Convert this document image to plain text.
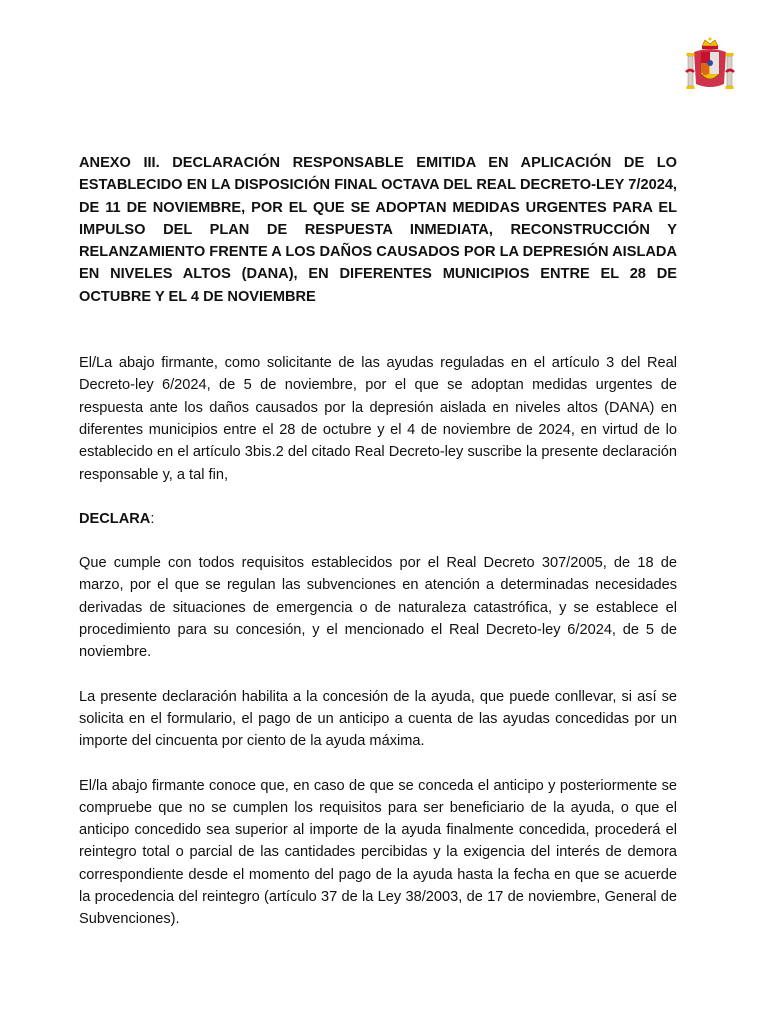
ANEXO III. DECLARACIÓN RESPONSABLE EMITIDA EN APLICACIÓN DE LO ESTABLECIDO EN LA DISPOSICIÓN FINAL OCTAVA DEL REAL DECRETO-LEY 7/2024, DE 11 DE NOVIEMBRE, POR EL QUE SE ADOPTAN MEDIDAS URGENTES PARA EL IMPULSO DEL PLAN DE RESPUESTA INMEDIATA, RECONSTRUCCIÓN Y RELANZAMIENTO FRENTE A LOS DAÑOS CAUSADOS POR LA DEPRESIÓN AISLADA EN NIVELES ALTOS (DANA), EN DIFERENTES MUNICIPIOS ENTRE EL 28 DE OCTUBRE Y EL 4 DE NOVIEMBRE

El/La abajo firmante, como solicitante de las ayudas reguladas en el artículo 3 del Real Decreto-ley 6/2024, de 5 de noviembre, por el que se adoptan medidas urgentes de respuesta ante los daños causados por la depresión aislada en niveles altos (DANA) en diferentes municipios entre el 28 de octubre y el 4 de noviembre de 2024, en virtud de lo establecido en el artículo 3bis.2 del citado Real Decreto-ley suscribe la presente declaración responsable y, a tal fin,

DECLARA:

Que cumple con todos requisitos establecidos por el Real Decreto 307/2005, de 18 de marzo, por el que se regulan las subvenciones en atención a determinadas necesidades derivadas de situaciones de emergencia o de naturaleza catastrófica, y se establece el procedimiento para su concesión, y el mencionado el Real Decreto-ley 6/2024, de 5 de noviembre.

La presente declaración habilita a la concesión de la ayuda, que puede conllevar, si así se solicita en el formulario, el pago de un anticipo a cuenta de las ayudas concedidas por un importe del cincuenta por ciento de la ayuda máxima.

El/la abajo firmante conoce que, en caso de que se conceda el anticipo y posteriormente se compruebe que no se cumplen los requisitos para ser beneficiario de la ayuda, o que el anticipo concedido sea superior al importe de la ayuda finalmente concedida, procederá el reintegro total o parcial de las cantidades percibidas y la exigencia del interés de demora correspondiente desde el momento del pago de la ayuda hasta la fecha en que se acuerde la procedencia del reintegro (artículo 37 de la Ley 38/2003, de 17 de noviembre, General de Subvenciones).
